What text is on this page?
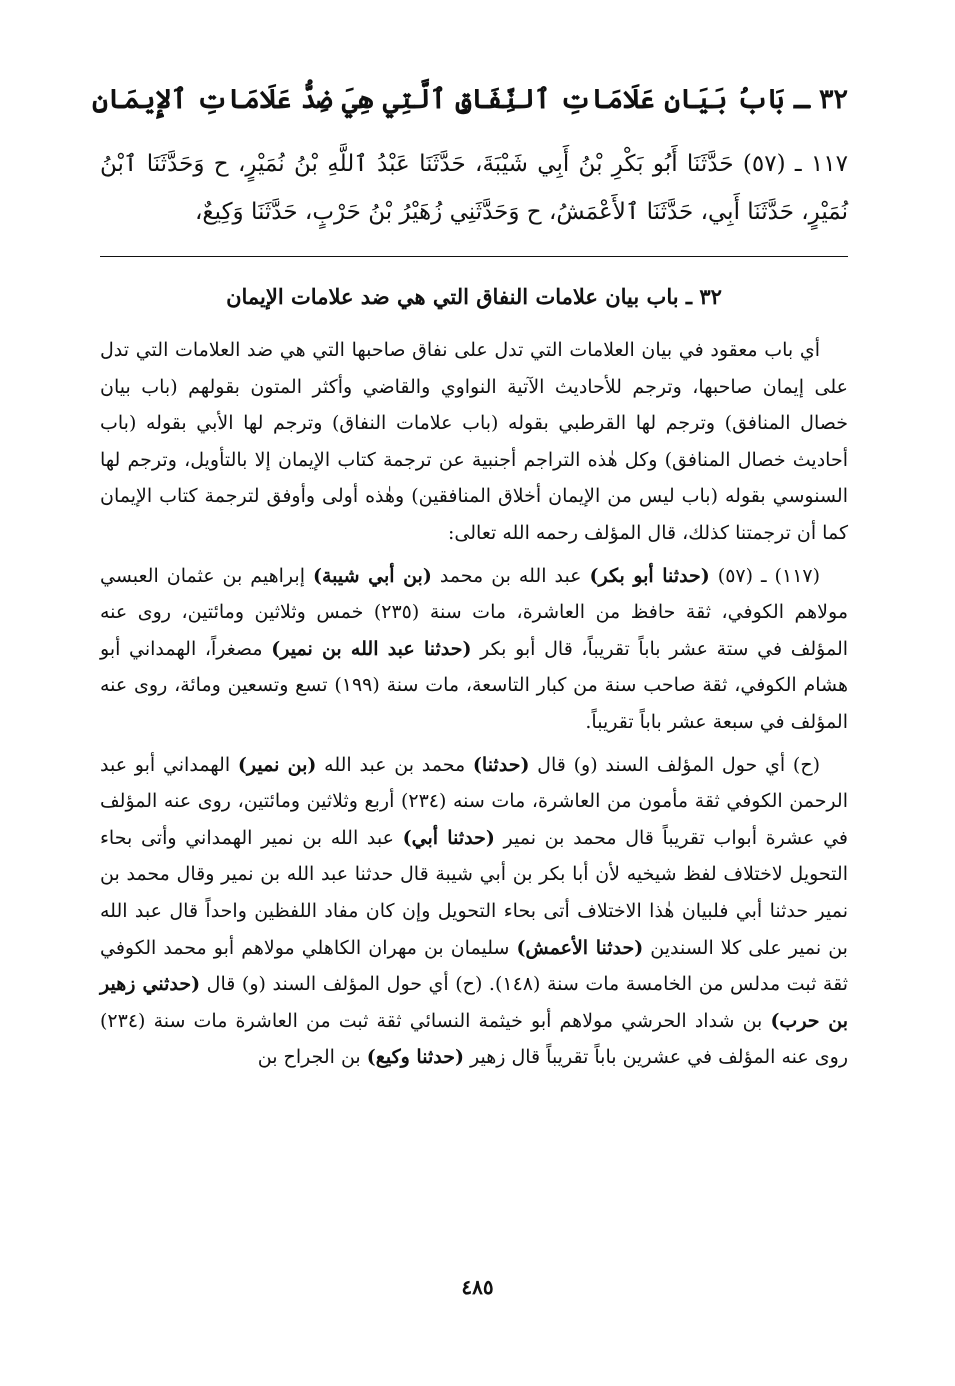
٣٢ ـ بَابُ بَيَانِ عَلَامَاتِ ٱلنِّفَاقِ ٱلَّتِي هِيَ ضِدُّ عَلَامَاتِ ٱلإِيمَانِ
١١٧ ـ (٥٧) حَدَّثَنَا أَبُو بَكْرِ بْنُ أَبِي شَيْبَةَ، حَدَّثَنَا عَبْدُ ٱللَّهِ بْنُ نُمَيْرٍ، ح وَحَدَّثَنَا ٱبْنُ نُمَيْرٍ، حَدَّثَنَا أَبِي، حَدَّثَنَا ٱلأَعْمَشُ، ح وَحَدَّثَنِي زُهَيْرُ بْنُ حَرْبٍ، حَدَّثَنَا وَكِيعٌ،
٣٢ ـ باب بيان علامات النفاق التي هي ضد علامات الإيمان

أي باب معقود في بيان العلامات التي تدل على نفاق صاحبها التي هي ضد العلامات التي تدل على إيمان صاحبها، وترجم للأحاديث الآتية النواوي والقاضي وأكثر المتون بقولهم (باب بيان خصال المنافق) وترجم لها القرطبي بقوله (باب علامات النفاق) وترجم لها الأبي بقوله (باب أحاديث خصال المنافق) وكل هٰذه التراجم أجنبية عن ترجمة كتاب الإيمان إلا بالتأويل، وترجم لها السنوسي بقوله (باب ليس من الإيمان أخلاق المنافقين) وهٰذه أولى وأوفق لترجمة كتاب الإيمان كما أن ترجمتنا كذلك، قال المؤلف رحمه الله تعالى:

(١١٧) ـ (٥٧) (حدثنا أبو بكر) عبد الله بن محمد (بن أبي شيبة) إبراهيم بن عثمان العبسي مولاهم الكوفي، ثقة حافظ من العاشرة، مات سنة (٢٣٥) خمس وثلاثين ومائتين، روى عنه المؤلف في ستة عشر باباً تقريباً، قال أبو بكر (حدثنا عبد الله بن نمير) مصغراً، الهمداني أبو هشام الكوفي، ثقة صاحب سنة من كبار التاسعة، مات سنة (١٩٩) تسع وتسعين ومائة، روى عنه المؤلف في سبعة عشر باباً تقريباً.

(ح) أي حول المؤلف السند (و) قال (حدثنا) محمد بن عبد الله (بن نمير) الهمداني أبو عبد الرحمن الكوفي ثقة مأمون من العاشرة، مات سنه (٢٣٤) أربع وثلاثين ومائتين، روى عنه المؤلف في عشرة أبواب تقريباً قال محمد بن نمير (حدثنا أبي) عبد الله بن نمير الهمداني وأتى بحاء التحويل لاختلاف لفظ شيخيه لأن أبا بكر بن أبي شيبة قال حدثنا عبد الله بن نمير وقال محمد بن نمير حدثنا أبي فلبيان هٰذا الاختلاف أتى بحاء التحويل وإن كان مفاد اللفظين واحداً قال عبد الله بن نمير على كلا السندين (حدثنا الأعمش) سليمان بن مهران الكاهلي مولاهم أبو محمد الكوفي ثقة ثبت مدلس من الخامسة مات سنة (١٤٨). (ح) أي حول المؤلف السند (و) قال (حدثني زهير بن حرب) بن شداد الحرشي مولاهم أبو خيثمة النسائي ثقة ثبت من العاشرة مات سنة (٢٣٤) روى عنه المؤلف في عشرين باباً تقريباً قال زهير (حدثنا وكيع) بن الجراح بن

٤٨٥
